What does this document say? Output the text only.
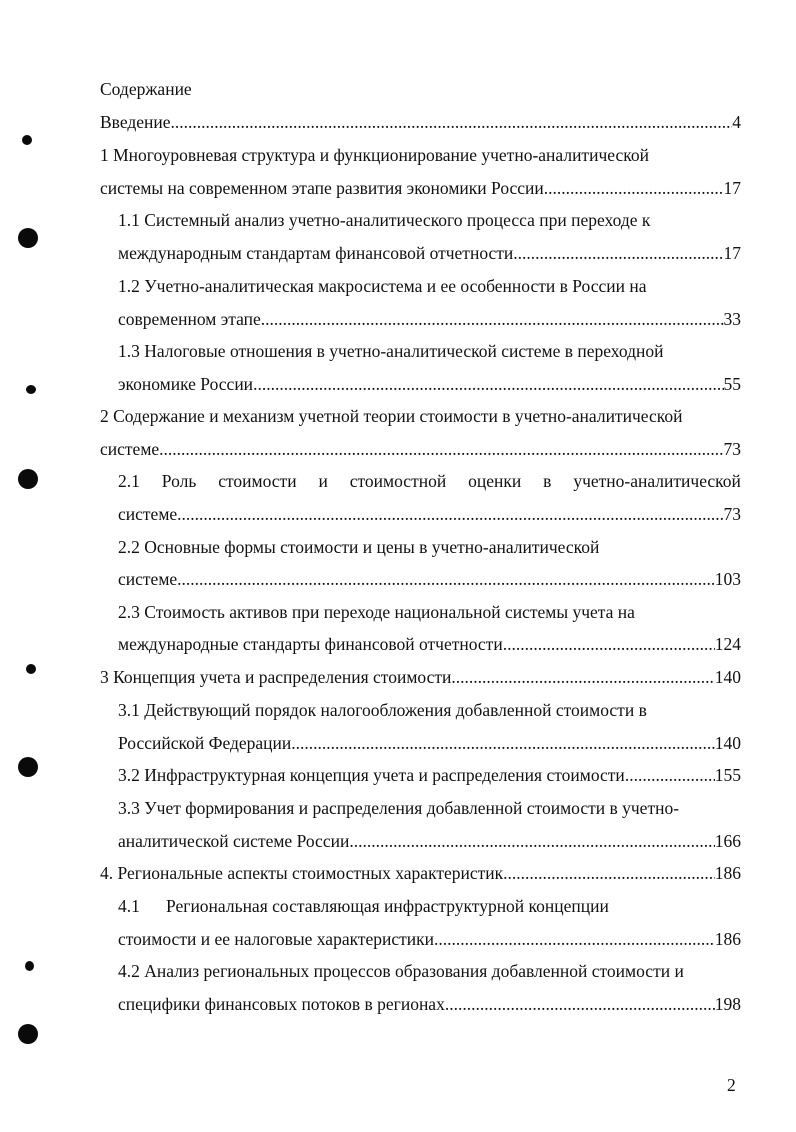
Содержание
Введение .....	4
1 Многоуровневая структура и функционирование учетно-аналитической
системы на современном этапе развития экономики России .....	17
1.1 Системный анализ учетно-аналитического процесса при переходе к
международным стандартам финансовой отчетности .....	17
1.2 Учетно-аналитическая макросистема и ее особенности в России на
современном этапе .....	33
1.3 Налоговые отношения в учетно-аналитической системе в переходной
экономике России .....	55
2 Содержание и механизм учетной теории стоимости в учетно-аналитической
системе .....	73
2.1 Роль стоимости и стоимостной оценки в учетно-аналитической
системе .....	73
2.2 Основные формы стоимости и цены в учетно-аналитической
системе .....	103
2.3 Стоимость активов при переходе национальной системы учета на
международные стандарты финансовой отчетности .....	124
3 Концепция учета и распределения стоимости .....	140
3.1 Действующий порядок налогообложения добавленной стоимости в
Российской Федерации .....	140
3.2 Инфраструктурная концепция учета и распределения стоимости .....	155
3.3 Учет формирования и распределения добавленной стоимости в учетно-
аналитической системе России .....	166
4. Региональные аспекты стоимостных характеристик .....	186
4.1	Региональная составляющая инфраструктурной концепции
стоимости и ее налоговые характеристики .....	186
4.2 Анализ региональных процессов образования добавленной стоимости и
специфики финансовых потоков в регионах .....	198
2
